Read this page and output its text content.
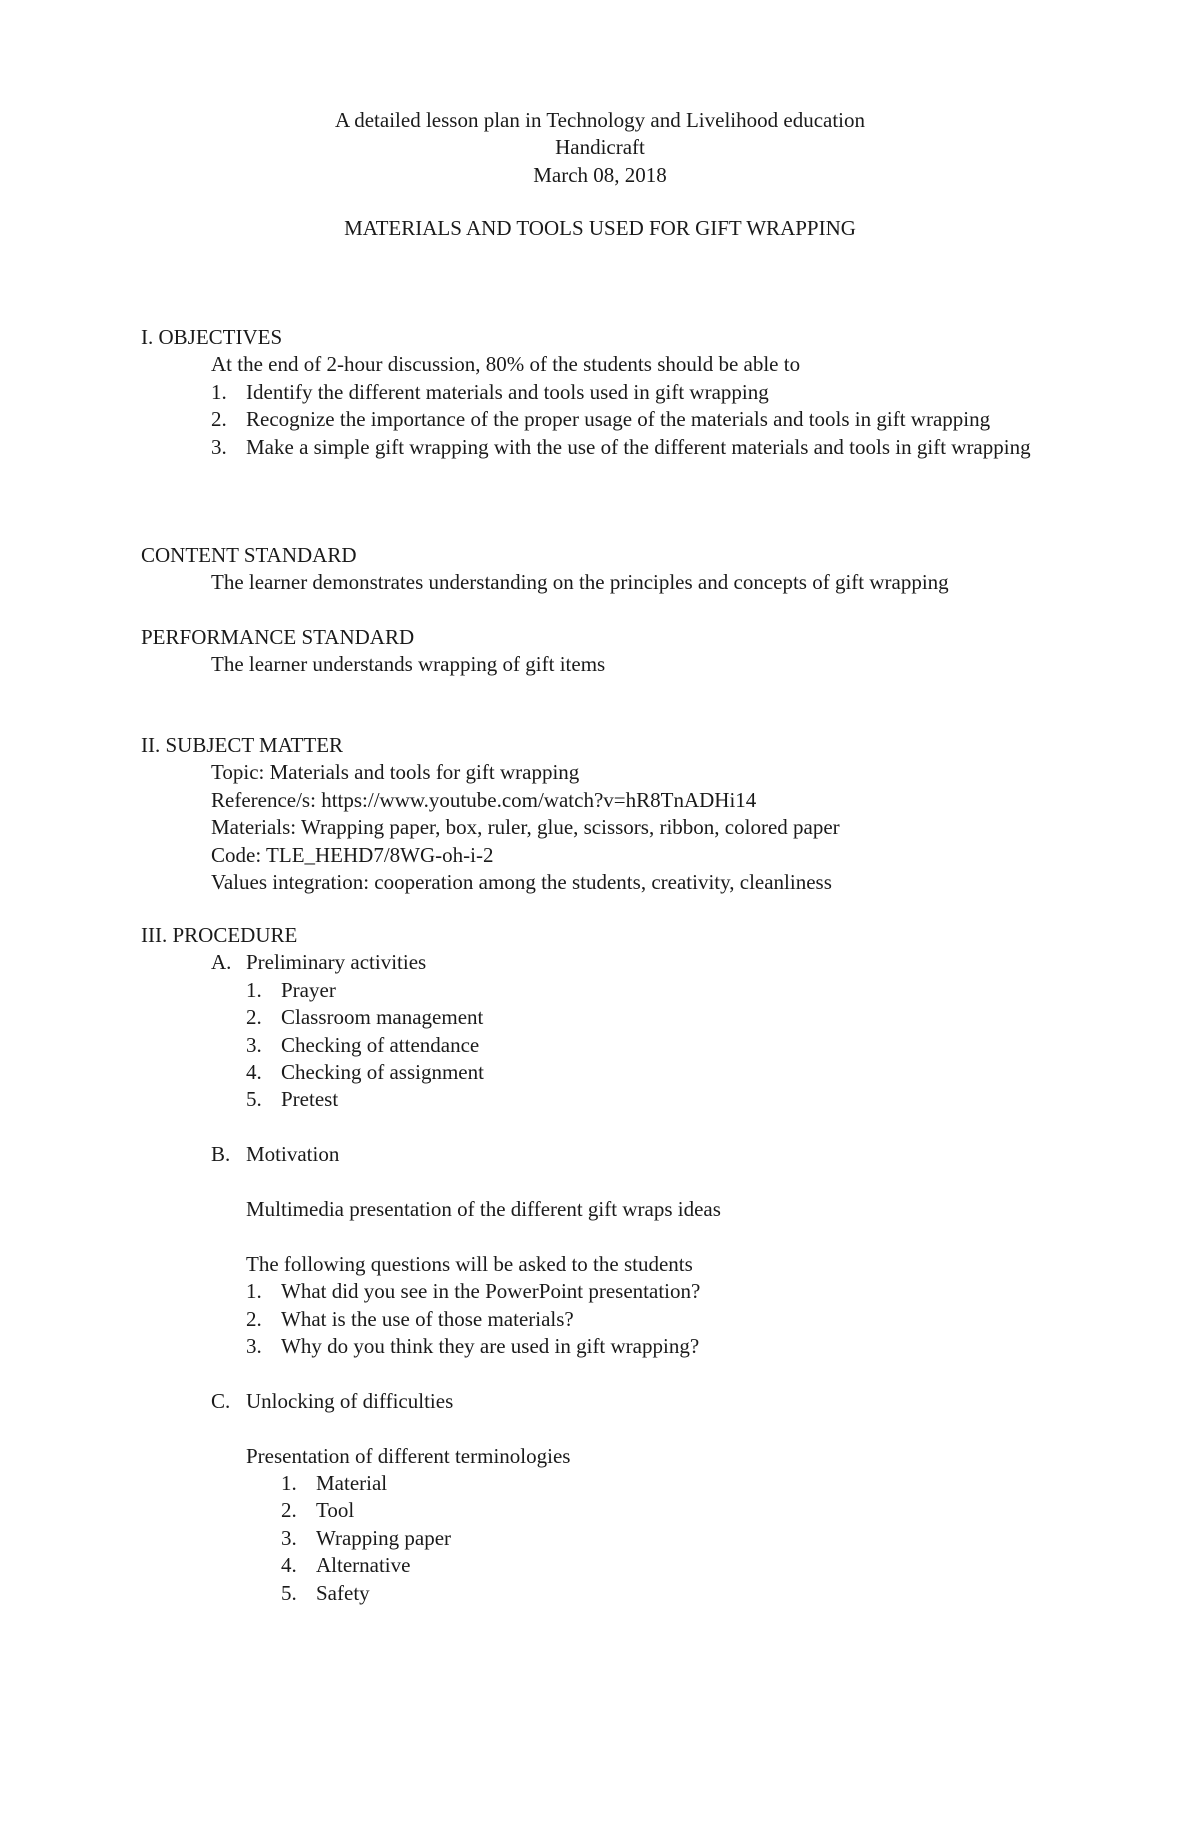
A detailed lesson plan in Technology and Livelihood education
Handicraft
March 08, 2018
MATERIALS AND TOOLS USED FOR GIFT WRAPPING
I. OBJECTIVES
At the end of 2-hour discussion, 80% of the students should be able to
1. Identify the different materials and tools used in gift wrapping
2. Recognize the importance of the proper usage of the materials and tools in gift wrapping
3. Make a simple gift wrapping with the use of the different materials and tools in gift wrapping
CONTENT STANDARD
The learner demonstrates understanding on the principles and concepts of gift wrapping
PERFORMANCE STANDARD
The learner understands wrapping of gift items
II. SUBJECT MATTER
Topic: Materials and tools for gift wrapping
Reference/s: https://www.youtube.com/watch?v=hR8TnADHi14
Materials: Wrapping paper, box, ruler, glue, scissors, ribbon, colored paper
Code: TLE_HEHD7/8WG-oh-i-2
Values integration: cooperation among the students, creativity, cleanliness
III. PROCEDURE
A. Preliminary activities
1. Prayer
2. Classroom management
3. Checking of attendance
4. Checking of assignment
5. Pretest
B. Motivation
Multimedia presentation of the different gift wraps ideas
The following questions will be asked to the students
1. What did you see in the PowerPoint presentation?
2. What is the use of those materials?
3. Why do you think they are used in gift wrapping?
C. Unlocking of difficulties
Presentation of different terminologies
1. Material
2. Tool
3. Wrapping paper
4. Alternative
5. Safety
